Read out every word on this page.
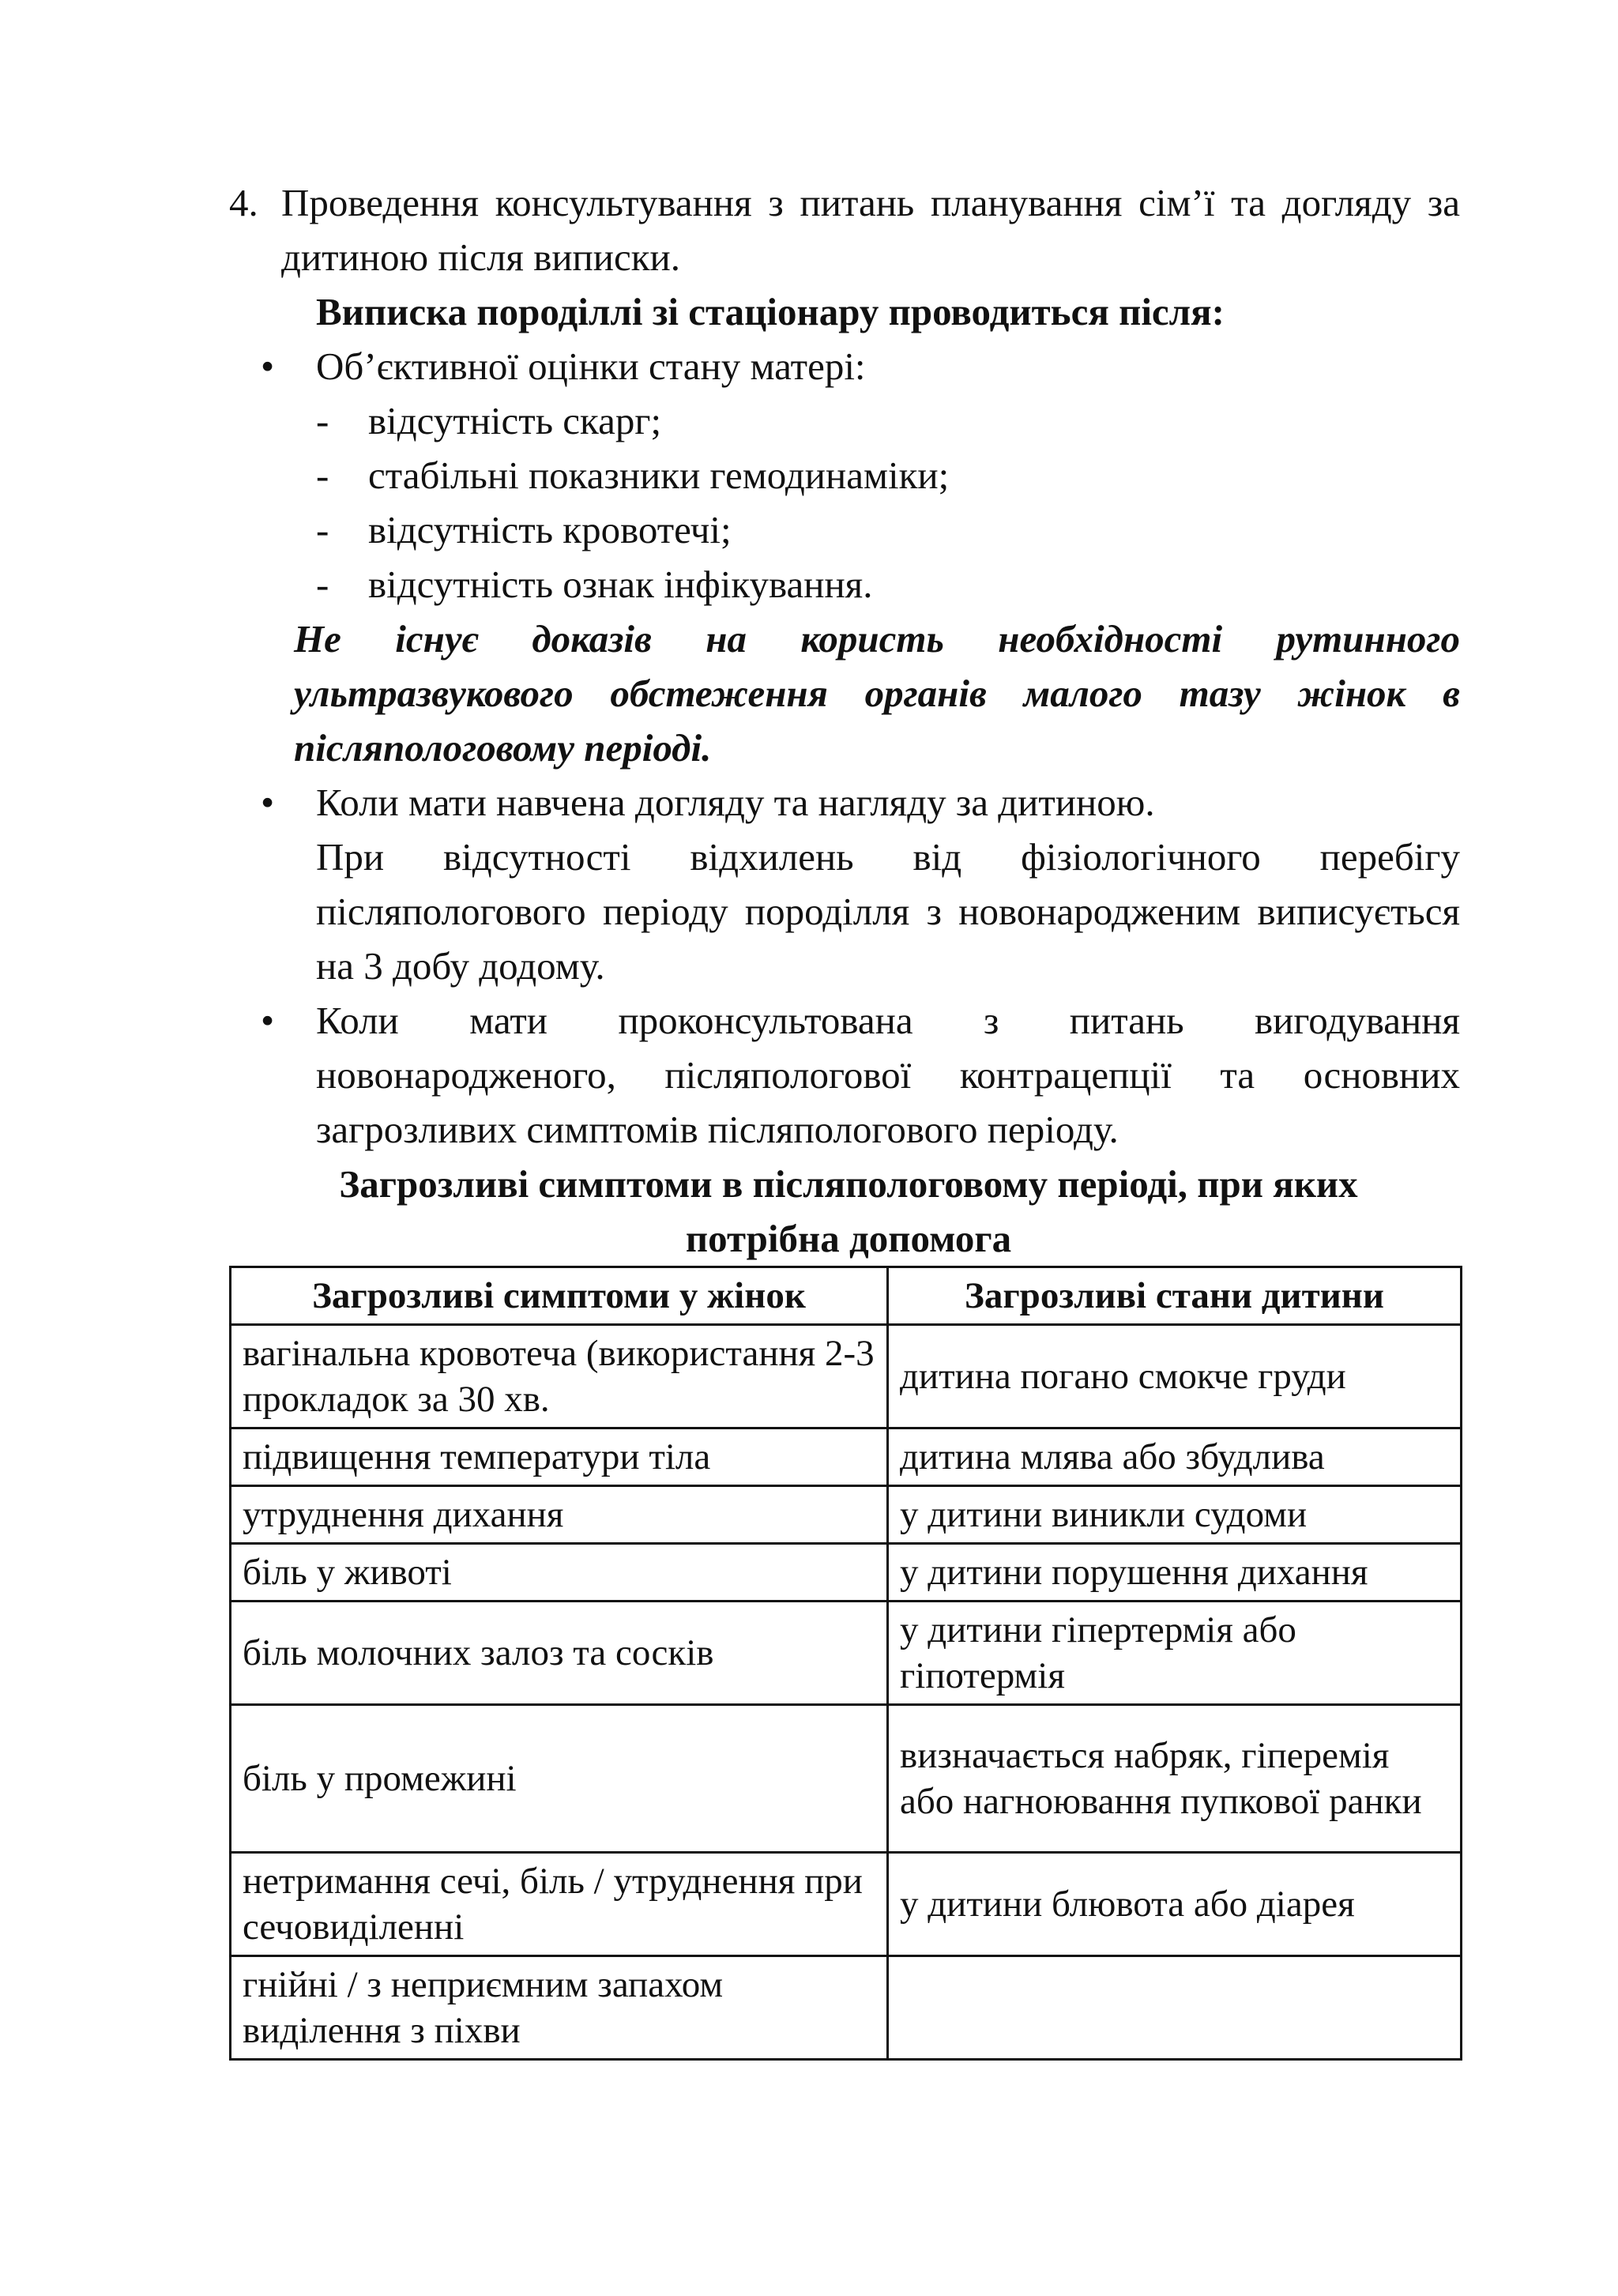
4. Проведення консультування з питань планування сім’ї та догляду за дитиною після виписки.

Виписка породіллі зі стаціонару проводиться після:

• Об’єктивної оцінки стану матері:

- відсутність скарг;

- стабільні показники гемодинаміки;

- відсутність кровотечі;

- відсутність ознак інфікування.

Не існує доказів на користь необхідності рутинного ультразвукового обстеження органів малого тазу жінок в післяпологовому періоді.

• Коли мати навчена догляду та нагляду за дитиною.

При відсутності відхилень від фізіологічного перебігу післяпологового періоду породілля з новонародженим виписується на 3 добу додому.

• Коли мати проконсультована з питань вигодування новонародженого, післяпологової контрацепції та основних загрозливих симптомів післяпологового періоду.

Загрозливі симптоми в післяпологовому періоді, при яких
потрібна допомога

Загрозливі симптоми у жінок	Загрозливі стани дитини
вагінальна кровотеча (використання 2-3 прокладок за 30 хв.	дитина погано смокче груди
підвищення температури тіла	дитина млява або збудлива
утруднення дихання	у дитини виникли судоми
біль у животі	у дитини порушення дихання
біль молочних залоз та сосків	у дитини гіпертермія або гіпотермія
біль у промежині	визначається набряк, гіперемія або нагноювання пупкової ранки
нетримання сечі, біль / утруднення при сечовиділенні	у дитини блювота або діарея
гнійні / з неприємним запахом виділення з піхви	
